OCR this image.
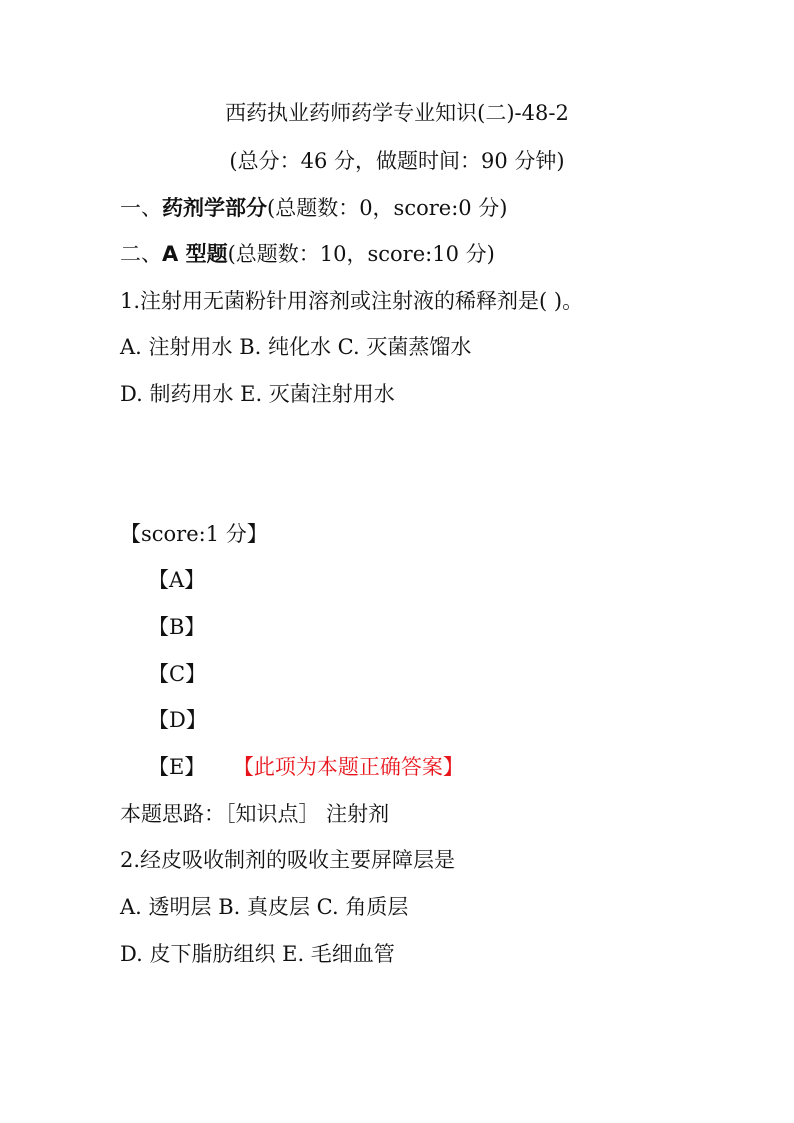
西药执业药师药学专业知识(二)-48-2
(总分：46 分，做题时间：90 分钟)
一、药剂学部分(总题数：0，score:0 分)
二、A 型题(总题数：10，score:10 分)
1.注射用无菌粉针用溶剂或注射液的稀释剂是( )。
A. 注射用水 B. 纯化水 C. 灭菌蒸馏水
D. 制药用水 E. 灭菌注射用水
【score:1 分】
【A】
【B】
【C】
【D】
【E】 【此项为本题正确答案】
本题思路：［知识点］ 注射剂
2.经皮吸收制剂的吸收主要屏障层是
A. 透明层 B. 真皮层 C. 角质层
D. 皮下脂肪组织 E. 毛细血管
